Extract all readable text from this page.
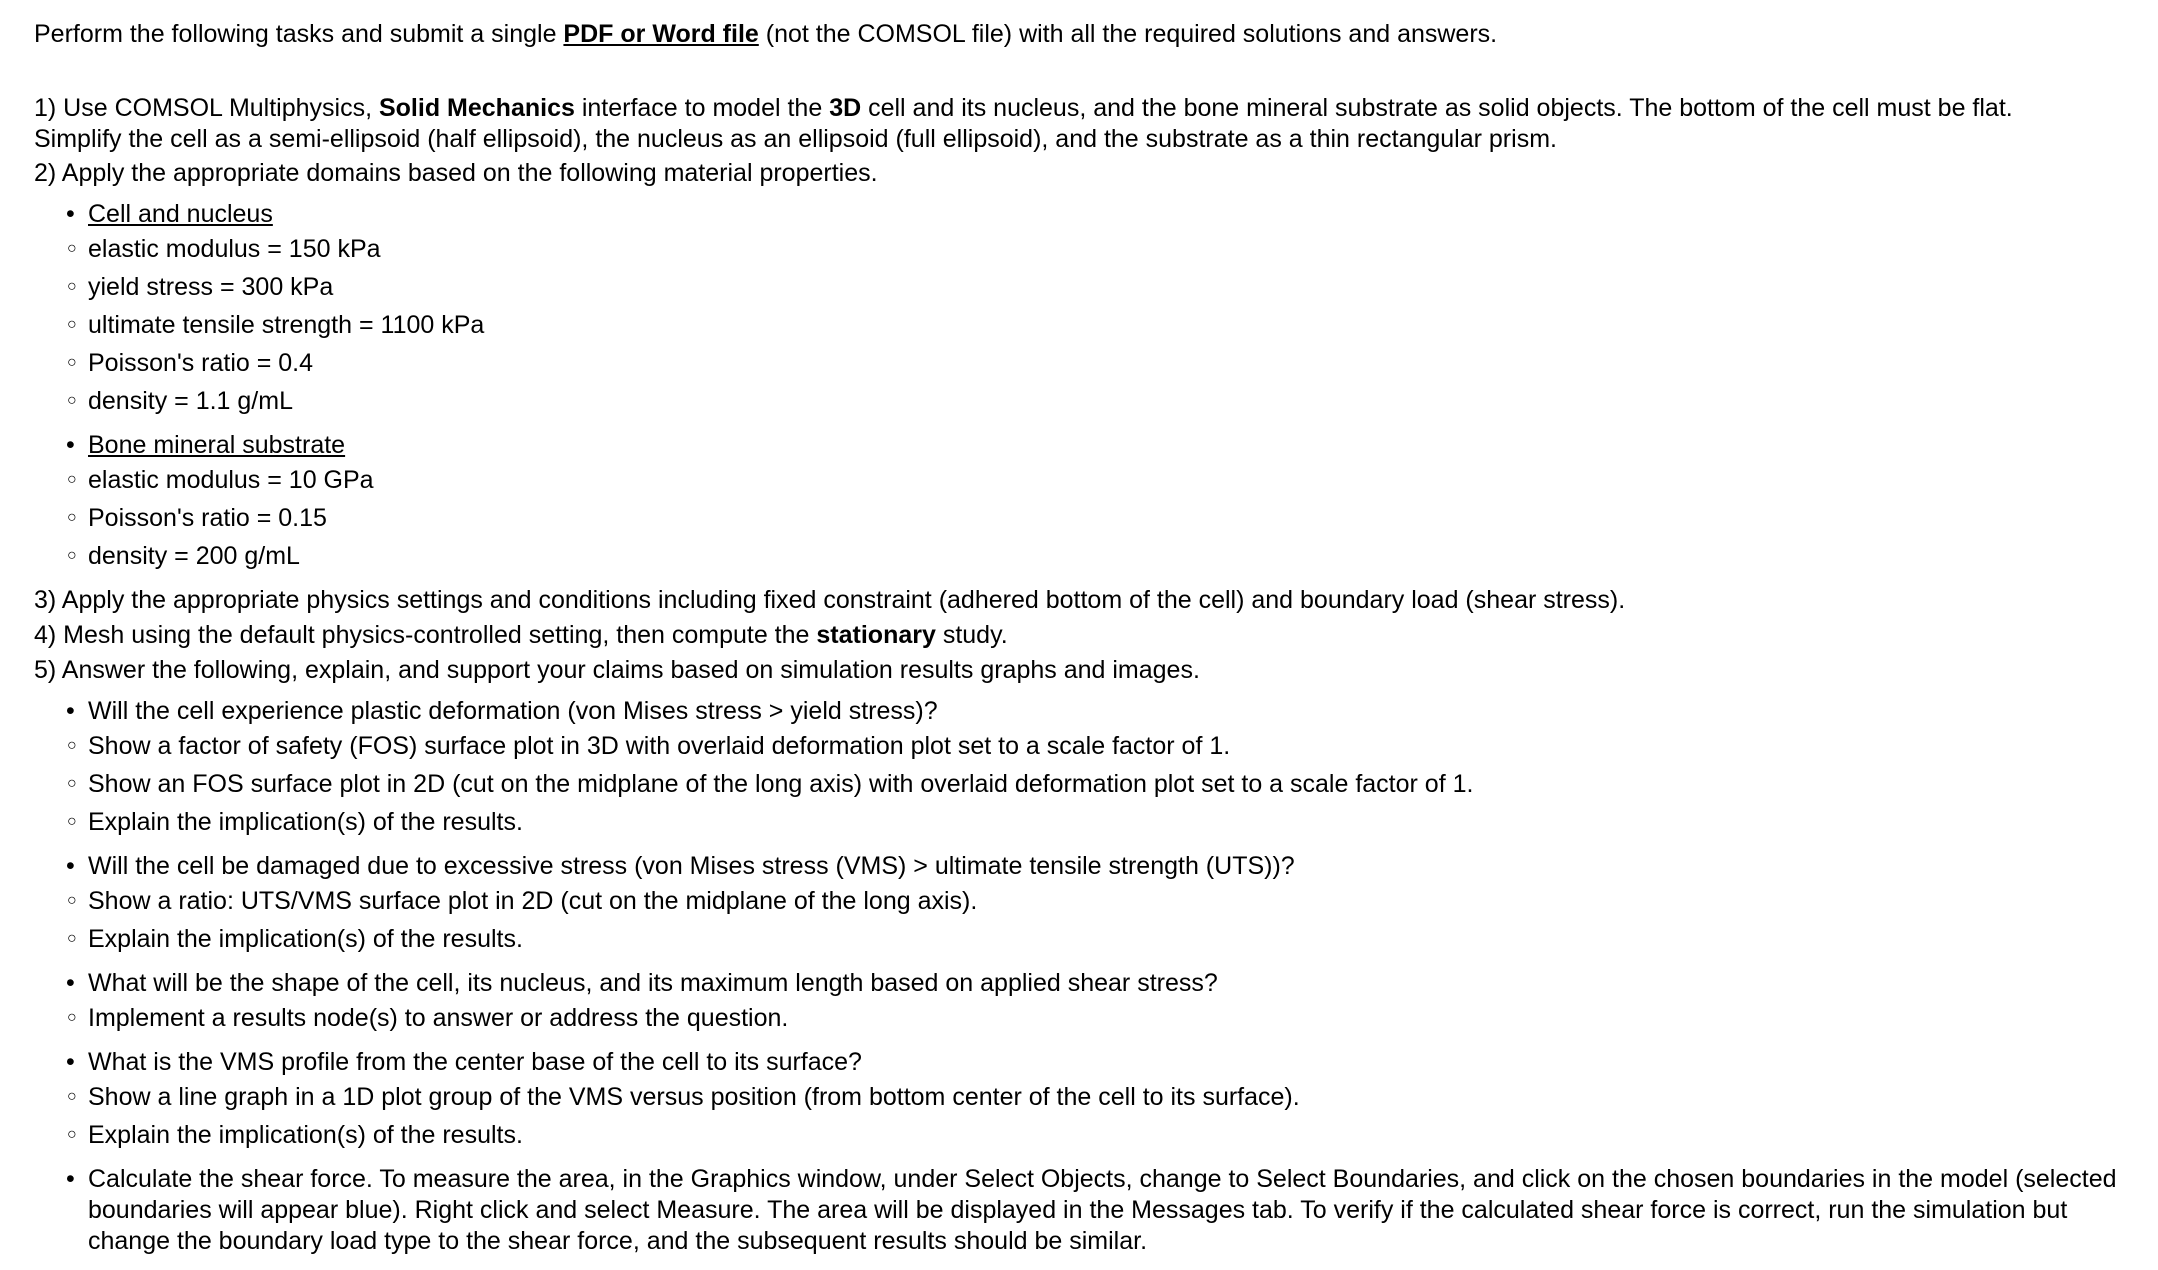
Perform the following tasks and submit a single PDF or Word file (not the COMSOL file) with all the required solutions and answers.

1) Use COMSOL Multiphysics, Solid Mechanics interface to model the 3D cell and its nucleus, and the bone mineral substrate as solid objects. The bottom of the cell must be flat.
Simplify the cell as a semi-ellipsoid (half ellipsoid), the nucleus as an ellipsoid (full ellipsoid), and the substrate as a thin rectangular prism.

2) Apply the appropriate domains based on the following material properties.

• Cell and nucleus
○ elastic modulus = 150 kPa
○ yield stress = 300 kPa
○ ultimate tensile strength = 1100 kPa
○ Poisson's ratio = 0.4
○ density = 1.1 g/mL
• Bone mineral substrate
○ elastic modulus = 10 GPa
○ Poisson's ratio = 0.15
○ density = 200 g/mL

3) Apply the appropriate physics settings and conditions including fixed constraint (adhered bottom of the cell) and boundary load (shear stress).

4) Mesh using the default physics-controlled setting, then compute the stationary study.

5) Answer the following, explain, and support your claims based on simulation results graphs and images.

• Will the cell experience plastic deformation (von Mises stress > yield stress)?
○ Show a factor of safety (FOS) surface plot in 3D with overlaid deformation plot set to a scale factor of 1.
○ Show an FOS surface plot in 2D (cut on the midplane of the long axis) with overlaid deformation plot set to a scale factor of 1.
○ Explain the implication(s) of the results.
• Will the cell be damaged due to excessive stress (von Mises stress (VMS) > ultimate tensile strength (UTS))?
○ Show a ratio: UTS/VMS surface plot in 2D (cut on the midplane of the long axis).
○ Explain the implication(s) of the results.
• What will be the shape of the cell, its nucleus, and its maximum length based on applied shear stress?
○ Implement a results node(s) to answer or address the question.
• What is the VMS profile from the center base of the cell to its surface?
○ Show a line graph in a 1D plot group of the VMS versus position (from bottom center of the cell to its surface).
○ Explain the implication(s) of the results.
• Calculate the shear force. To measure the area, in the Graphics window, under Select Objects, change to Select Boundaries, and click on the chosen boundaries in the model (selected boundaries will appear blue). Right click and select Measure. The area will be displayed in the Messages tab. To verify if the calculated shear force is correct, run the simulation but change the boundary load type to the shear force, and the subsequent results should be similar.
